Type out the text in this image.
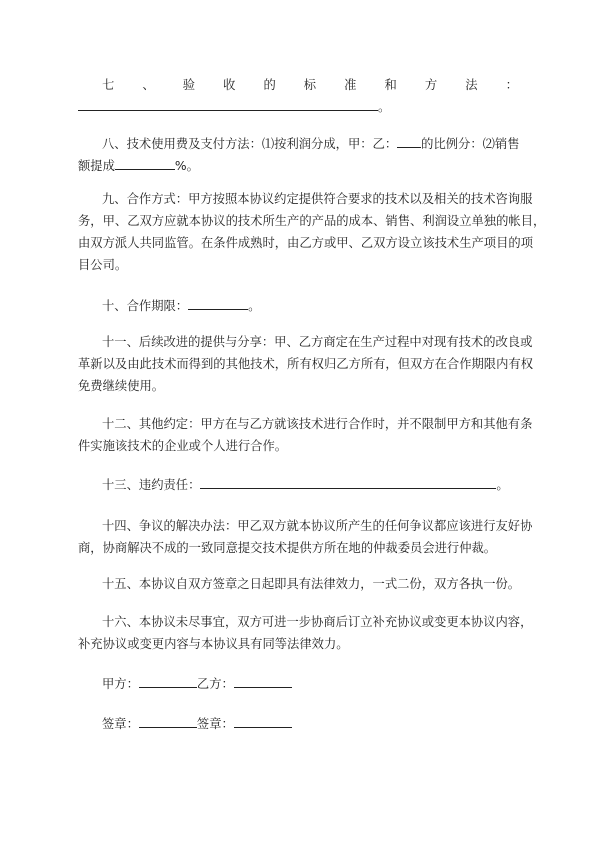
七 、 验 收 的 标 准 和 方 法 ：

。

八、技术使用费及支付方法：⑴按利润分成，甲：乙： 的比例分：⑵销售

额提成	%。

九、合作方式：甲方按照本协议约定提供符合要求的技术以及相关的技术咨询服

务，甲、乙双方应就本协议的技术所生产的产品的成本、销售、利润设立单独的帐目，

由双方派人共同监管。在条件成熟时，由乙方或甲、乙双方设立该技术生产项目的项

目公司。

十、合作期限：	。

十一、后续改进的提供与分享：甲、乙方商定在生产过程中对现有技术的改良或

革新以及由此技术而得到的其他技术，所有权归乙方所有，但双方在合作期限内有权

免费继续使用。

十二、其他约定：甲方在与乙方就该技术进行合作时，并不限制甲方和其他有条

件实施该技术的企业或个人进行合作。

十三、违约责任：	。

十四、争议的解决办法：甲乙双方就本协议所产生的任何争议都应该进行友好协

商，协商解决不成的一致同意提交技术提供方所在地的仲裁委员会进行仲裁。

十五、本协议自双方签章之日起即具有法律效力，一式二份，双方各执一份。

十六、本协议未尽事宜，双方可进一步协商后订立补充协议或变更本协议内容，

补充协议或变更内容与本协议具有同等法律效力。

甲方：	乙方：

签章：	签章：
